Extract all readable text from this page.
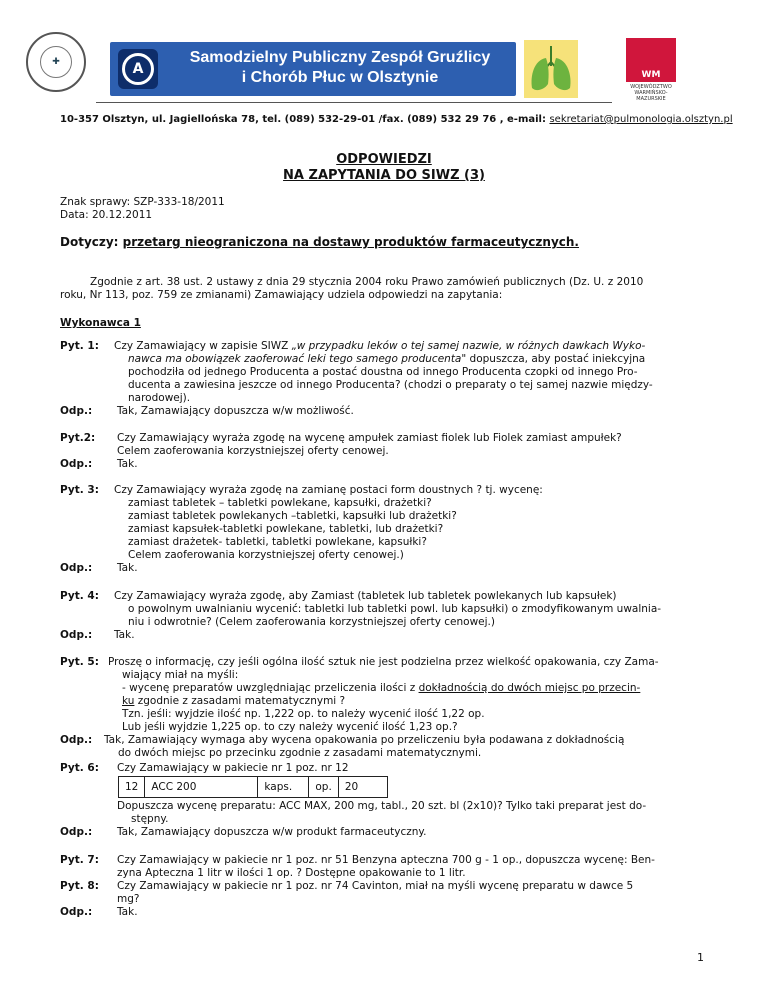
✚	A
Samodzielny Publiczny Zespół Gruźlicy
i Chorób Płuc w Olsztynie	WM
WOJEWÓDZTWO WARMIŃSKO-MAZURSKIE
10-357 Olsztyn, ul. Jagiellońska 78, tel. (089) 532-29-01 /fax. (089) 532 29 76 , e-mail: sekretariat@pulmonologia.olsztyn.pl
ODPOWIEDZI
NA ZAPYTANIA DO SIWZ (3)
Znak sprawy: SZP-333-18/2011
Data: 20.12.2011
Dotyczy: przetarg nieograniczona na dostawy produktów farmaceutycznych.
Zgodnie z art. 38 ust. 2 ustawy z dnia 29 stycznia 2004 roku Prawo zamówień publicznych (Dz. U. z 2010
roku, Nr 113, poz. 759 ze zmianami) Zamawiający udziela odpowiedzi na zapytania:
Wykonawca 1
Pyt. 1: Czy Zamawiający w zapisie SIWZ „w przypadku leków o tej samej nazwie, w różnych dawkach Wyko-
nawca ma obowiązek zaoferować leki tego samego producenta" dopuszcza, aby postać iniekcyjna
pochodziła od jednego Producenta a postać doustna od innego Producenta czopki od innego Pro-
ducenta a zawiesina jeszcze od innego Producenta? (chodzi o preparaty o tej samej nazwie między-
narodowej).
Odp.: Tak, Zamawiający dopuszcza w/w możliwość.
Pyt.2: Czy Zamawiający wyraża zgodę na wycenę ampułek zamiast fiolek lub Fiolek zamiast ampułek?
Celem zaoferowania korzystniejszej oferty cenowej.
Odp.: Tak.
Pyt. 3: Czy Zamawiający wyraża zgodę na zamianę postaci form doustnych ? tj. wycenę:
zamiast tabletek – tabletki powlekane, kapsułki, drażetki?
zamiast tabletek powlekanych –tabletki, kapsułki lub drażetki?
zamiast kapsułek-tabletki powlekane, tabletki, lub drażetki?
zamiast drażetek- tabletki, tabletki powlekane, kapsułki?
Celem zaoferowania korzystniejszej oferty cenowej.)
Odp.: Tak.
Pyt. 4: Czy Zamawiający wyraża zgodę, aby Zamiast (tabletek lub tabletek powlekanych lub kapsułek)
o powolnym uwalnianiu wycenić: tabletki lub tabletki powl. lub kapsułki) o zmodyfikowanym uwalnia-
niu i odwrotnie? (Celem zaoferowania korzystniejszej oferty cenowej.)
Odp.: Tak.
Pyt. 5: Proszę o informację, czy jeśli ogólna ilość sztuk nie jest podzielna przez wielkość opakowania, czy Zama-
wiający miał na myśli:
- wycenę preparatów uwzględniając przeliczenia ilości z dokładnością do dwóch miejsc po przecin-
ku zgodnie z zasadami matematycznymi ?
Tzn. jeśli: wyjdzie ilość np. 1,222 op. to należy wycenić ilość 1,22 op.
Lub jeśli wyjdzie 1,225 op. to czy należy wycenić ilość 1,23 op.?
Odp.: Tak, Zamawiający wymaga aby wycena opakowania po przeliczeniu była podawana z dokładnością
do dwóch miejsc po przecinku zgodnie z zasadami matematycznymi.
Pyt. 6: Czy Zamawiający w pakiecie nr 1 poz. nr 12
12	ACC 200	kaps.	op.	20
Dopuszcza wycenę preparatu: ACC MAX, 200 mg, tabl., 20 szt. bl (2x10)? Tylko taki preparat jest do-
stępny.
Odp.: Tak, Zamawiający dopuszcza w/w produkt farmaceutyczny.
Pyt. 7: Czy Zamawiający w pakiecie nr 1 poz. nr 51 Benzyna apteczna 700 g - 1 op., dopuszcza wycenę: Ben-
zyna Apteczna 1 litr w ilości 1 op. ? Dostępne opakowanie to 1 litr.
Pyt. 8: Czy Zamawiający w pakiecie nr 1 poz. nr 74 Cavinton, miał na myśli wycenę preparatu w dawce 5
mg?
Odp.: Tak.
1
